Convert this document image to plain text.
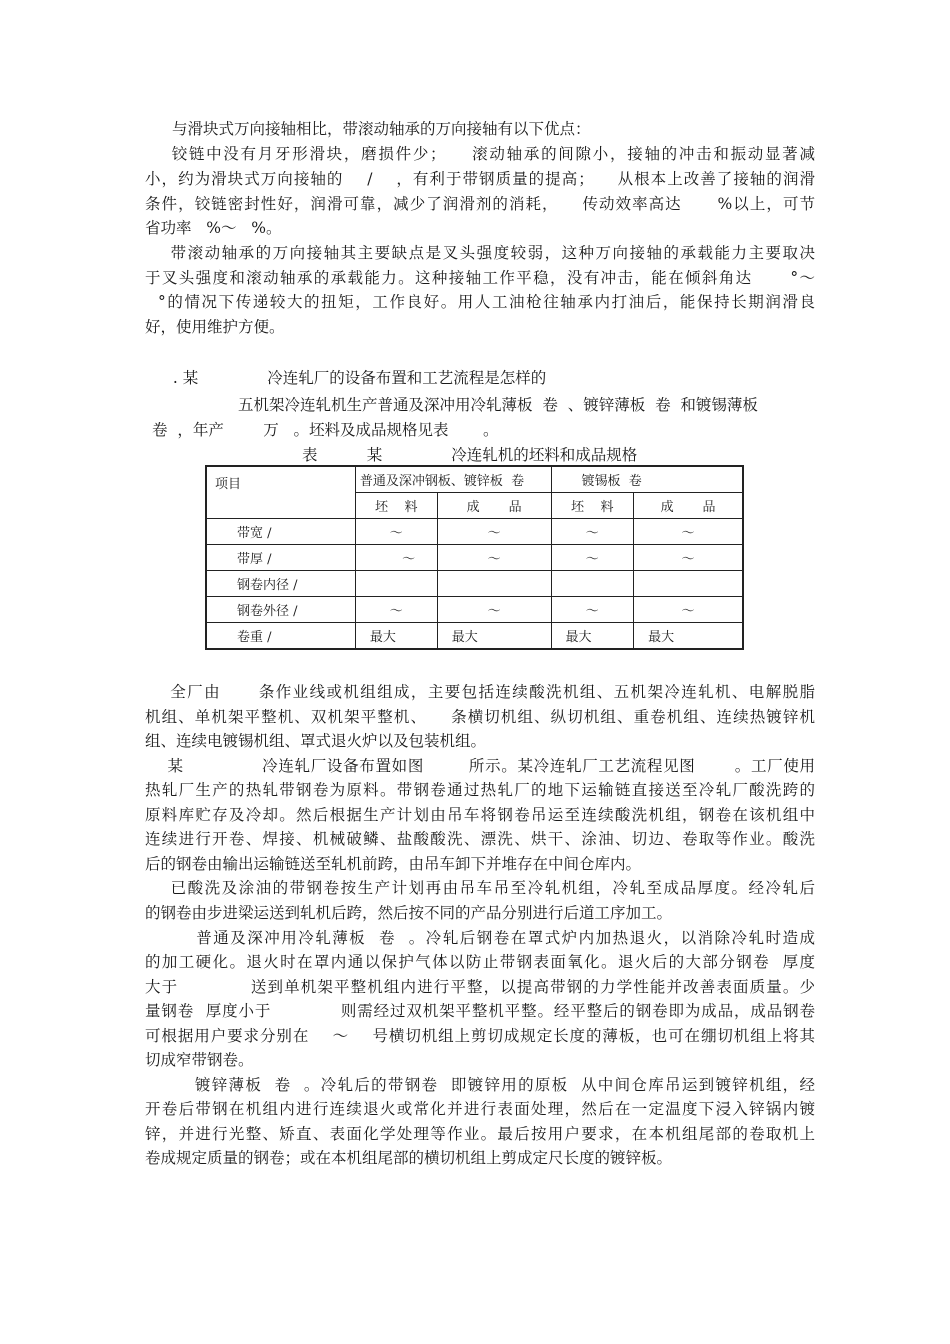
与滑块式万向接轴相比，带滚动轴承的万向接轴有以下优点：
铰链中没有月牙形滑块，磨损件少；    滚动轴承的间隙小，接轴的冲击和振动显著减
小，约为滑块式万向接轴的    /    ，有利于带钢质量的提高；    从根本上改善了接轴的润滑
条件，铰链密封性好，润滑可靠，减少了润滑剂的消耗，    传动效率高达      %以上，可节
省功率   %～   %。
带滚动轴承的万向接轴其主要缺点是叉头强度较弱，这种万向接轴的承载能力主要取决
于叉头强度和滚动轴承的承载能力。这种接轴工作平稳，没有冲击，能在倾斜角达      °～
°的情况下传递较大的扭矩，工作良好。用人工油枪往轴承内打油后，能保持长期润滑良
好，使用维护方便。
. 某              冷连轧厂的设备布置和工艺流程是怎样的
五机架冷连轧机生产普通及深冲用冷轧薄板  卷  、镀锌薄板  卷  和镀锡薄板
卷  ，年产        万   。坯料及成品规格见表       。
表          某              冷连轧机的坯料和成品规格
项目	普通及深冲钢板、镀锌板  卷		镀锡板  卷	
	坯    料	成       品	坯    料	成       品
带宽 /	～	～	～	～
带厚 /	～	～	～	～
钢卷内径 /				
钢卷外径 /	～	～	～	～
卷重 /	最大	最大	最大	最大
全厂由      条作业线或机组组成，主要包括连续酸洗机组、五机架冷连轧机、电解脱脂
机组、单机架平整机、双机架平整机、    条横切机组、纵切机组、重卷机组、连续热镀锌机
组、连续电镀锡机组、罩式退火炉以及包装机组。
某              冷连轧厂设备布置如图        所示。某冷连轧厂工艺流程见图       。工厂使用
热轧厂生产的热轧带钢卷为原料。带钢卷通过热轧厂的地下运输链直接送至冷轧厂酸洗跨的
原料库贮存及冷却。然后根据生产计划由吊车将钢卷吊运至连续酸洗机组，钢卷在该机组中
连续进行开卷、焊接、机械破鳞、盐酸酸洗、漂洗、烘干、涂油、切边、卷取等作业。酸洗
后的钢卷由输出运输链送至轧机前跨，由吊车卸下并堆存在中间仓库内。
已酸洗及涂油的带钢卷按生产计划再由吊车吊至冷轧机组，冷轧至成品厚度。经冷轧后
的钢卷由步进梁运送到轧机后跨，然后按不同的产品分别进行后道工序加工。
普通及深冲用冷轧薄板  卷  。冷轧后钢卷在罩式炉内加热退火，以消除冷轧时造成
的加工硬化。退火时在罩内通以保护气体以防止带钢表面氧化。退火后的大部分钢卷  厚度
大于            送到单机架平整机组内进行平整，以提高带钢的力学性能并改善表面质量。少
量钢卷  厚度小于            则需经过双机架平整机平整。经平整后的钢卷即为成品，成品钢卷
可根据用户要求分别在    ～    号横切机组上剪切成规定长度的薄板，也可在绷切机组上将其
切成窄带钢卷。
镀锌薄板  卷  。冷轧后的带钢卷  即镀锌用的原板  从中间仓库吊运到镀锌机组，经
开卷后带钢在机组内进行连续退火或常化并进行表面处理，然后在一定温度下浸入锌锅内镀
锌，并进行光整、矫直、表面化学处理等作业。最后按用户要求，在本机组尾部的卷取机上
卷成规定质量的钢卷；或在本机组尾部的横切机组上剪成定尺长度的镀锌板。
